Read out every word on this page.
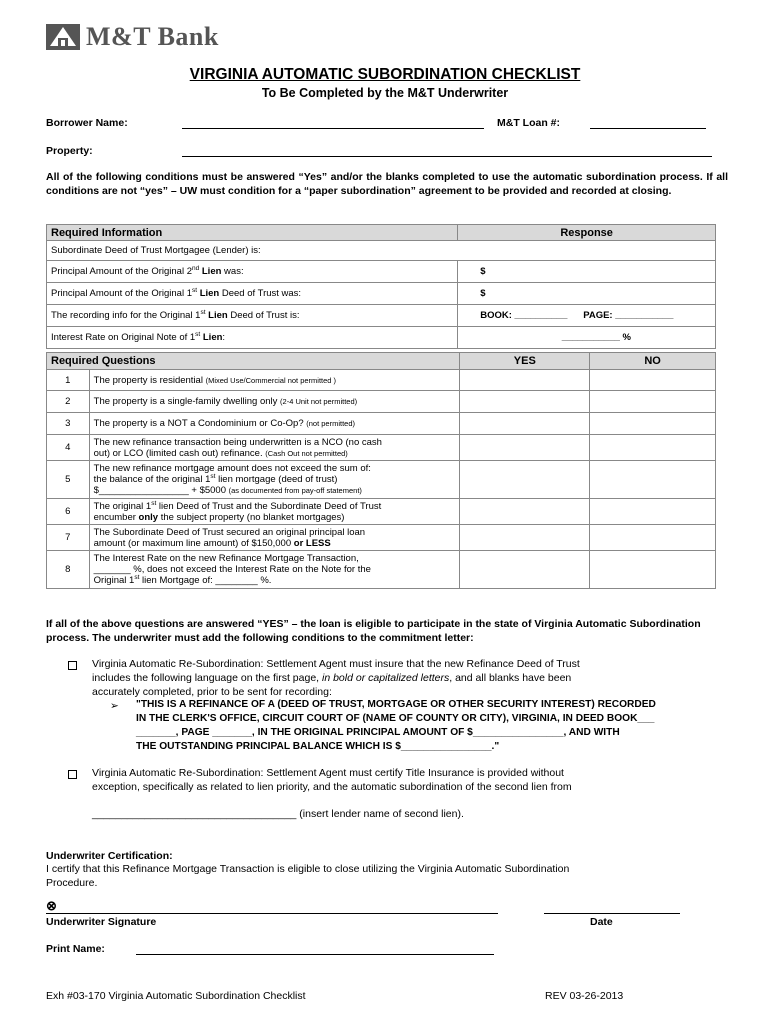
M&T Bank
VIRGINIA AUTOMATIC SUBORDINATION CHECKLIST
To Be Completed by the M&T Underwriter
Borrower Name:	M&T Loan #:
Property:
All of the following conditions must be answered “Yes” and/or the blanks completed to use the automatic subordination process. If all conditions are not “yes” – UW must condition for a “paper subordination” agreement to be provided and recorded at closing.
Required Information	Response
Subordinate Deed of Trust Mortgagee (Lender) is:	
Principal Amount of the Original 2nd Lien was:	$
Principal Amount of the Original 1st Lien Deed of Trust was:	$
The recording info for the Original 1st Lien Deed of Trust is:	BOOK: __________ PAGE: ___________
Interest Rate on Original Note of 1st Lien:	___________ %
Required Questions		YES	NO
1	The property is residential (Mixed Use/Commercial not permitted )		
2	The property is a single-family dwelling only (2-4 Unit not permitted)		
3	The property is a NOT a Condominium or Co-Op? (not permitted)		
4	The new refinance transaction being underwritten is a NCO (no cash
out) or LCO (limited cash out) refinance. (Cash Out not permitted)		
5	The new refinance mortgage amount does not exceed the sum of:
the balance of the original 1st lien mortgage (deed of trust)
$_________________ + $5000 (as documented from pay-off statement)		
6	The original 1st lien Deed of Trust and the Subordinate Deed of Trust
encumber only the subject property (no blanket mortgages)		
7	The Subordinate Deed of Trust secured an original principal loan
amount (or maximum line amount) of $150,000 or LESS		
8	The Interest Rate on the new Refinance Mortgage Transaction,
_______ %, does not exceed the Interest Rate on the Note for the
Original 1st lien Mortgage of: ________ %.		
If all of the above questions are answered “YES” – the loan is eligible to participate in the state of Virginia Automatic Subordination process. The underwriter must add the following conditions to the commitment letter:
Virginia Automatic Re-Subordination: Settlement Agent must insure that the new Refinance Deed of Trust
includes the following language on the first page, in bold or capitalized letters, and all blanks have been
accurately completed, prior to be sent for recording:
➢ "THIS IS A REFINANCE OF A (DEED OF TRUST, MORTGAGE OR OTHER SECURITY INTEREST) RECORDED
IN THE CLERK'S OFFICE, CIRCUIT COURT OF (NAME OF COUNTY OR CITY), VIRGINIA, IN DEED BOOK___
_______, PAGE _______, IN THE ORIGINAL PRINCIPAL AMOUNT OF $________________, AND WITH
THE OUTSTANDING PRINCIPAL BALANCE WHICH IS $________________."
Virginia Automatic Re-Subordination: Settlement Agent must certify Title Insurance is provided without
exception, specifically as related to lien priority, and the automatic subordination of the second lien from
___________________________________ (insert lender name of second lien).
Underwriter Certification:
I certify that this Refinance Mortgage Transaction is eligible to close utilizing the Virginia Automatic Subordination
Procedure.
⊗
Underwriter Signature	Date
Print Name:
Exh #03-170 Virginia Automatic Subordination Checklist	REV 03-26-2013
